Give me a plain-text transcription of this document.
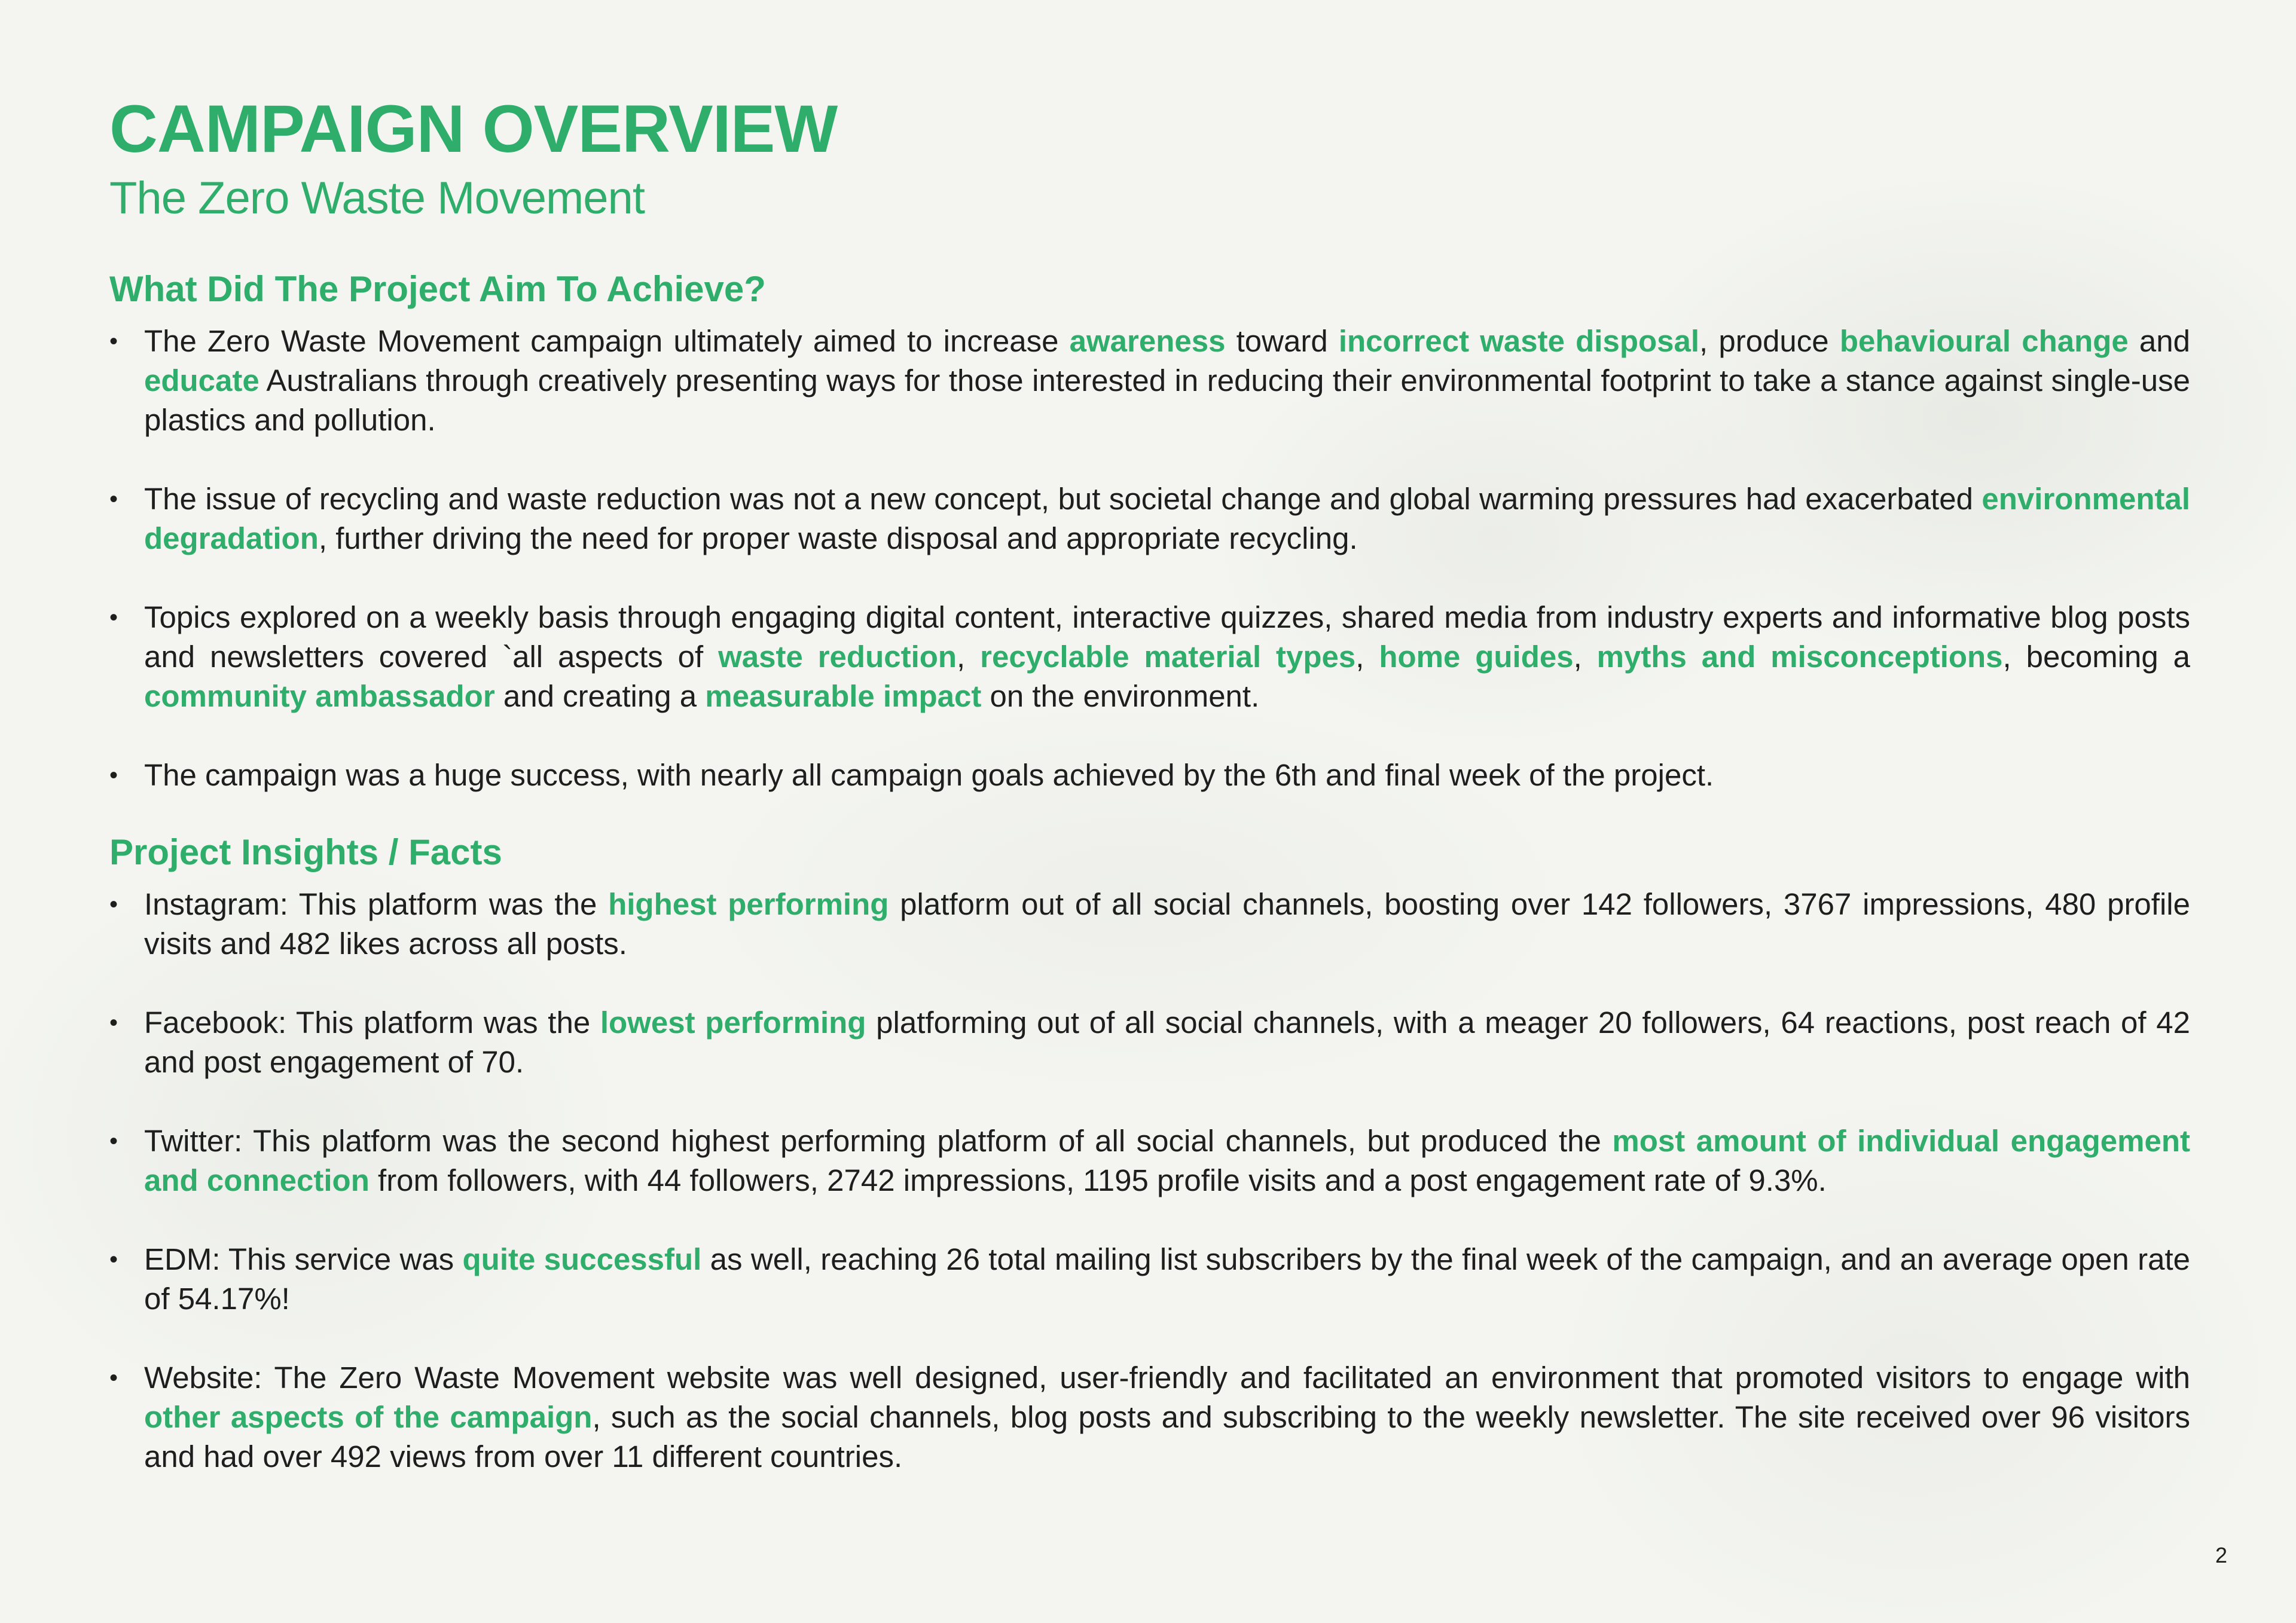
CAMPAIGN OVERVIEW
The Zero Waste Movement
What Did The Project Aim To Achieve?
• The Zero Waste Movement campaign ultimately aimed to increase awareness toward incorrect waste disposal, produce behavioural change and educate Australians through creatively presenting ways for those interested in reducing their environmental footprint to take a stance against single-use plastics and pollution.
• The issue of recycling and waste reduction was not a new concept, but societal change and global warming pressures had exacerbated environmental degradation, further driving the need for proper waste disposal and appropriate recycling.
• Topics explored on a weekly basis through engaging digital content, interactive quizzes, shared media from industry experts and informative blog posts and newsletters covered `all aspects of waste reduction, recyclable material types, home guides, myths and misconceptions, becoming a community ambassador and creating a measurable impact on the environment.
• The campaign was a huge success, with nearly all campaign goals achieved by the 6th and final week of the project.
Project Insights / Facts
• Instagram: This platform was the highest performing platform out of all social channels, boosting over 142 followers, 3767 impressions, 480 profile visits and 482 likes across all posts.
• Facebook: This platform was the lowest performing platforming out of all social channels, with a meager 20 followers, 64 reactions, post reach of 42 and post engagement of 70.
• Twitter: This platform was the second highest performing platform of all social channels, but produced the most amount of individual engagement and connection from followers, with 44 followers, 2742 impressions, 1195 profile visits and a post engagement rate of 9.3%.
• EDM: This service was quite successful as well, reaching 26 total mailing list subscribers by the final week of the campaign, and an average open rate of 54.17%!
• Website: The Zero Waste Movement website was well designed, user-friendly and facilitated an environment that promoted visitors to engage with other aspects of the campaign, such as the social channels, blog posts and subscribing to the weekly newsletter. The site received over 96 visitors and had over 492 views from over 11 different countries.
2
